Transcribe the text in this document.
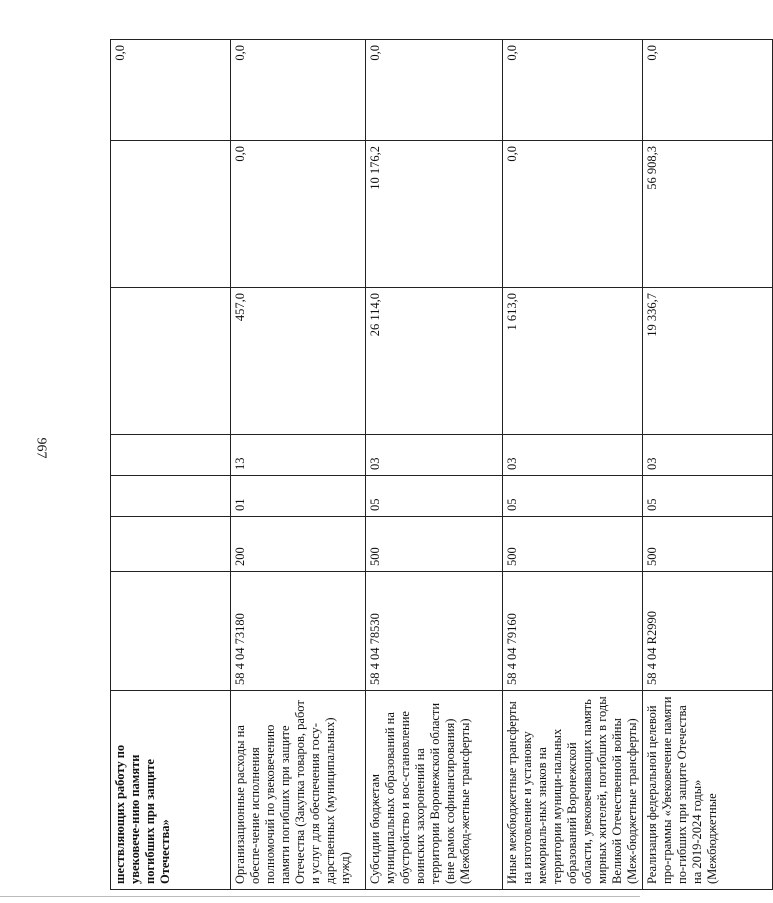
967
шествляющих работу по увековече-нию памяти погибших при защите Отечества»							0,0
Организационные расходы на обеспе-чение исполнения полномочий по увековечению памяти погибших при защите Отечества (Закупка товаров, работ и услуг для обеспечения госу-дарственных (муниципальных) нужд)	58 4 04 73180	200	01	13	457,0	0,0	0,0
Субсидии бюджетам муниципальных образований на обустройство и вос-становление воинских захоронений на территории Воронежской области (вне рамок софинансирования) (Межбюд-жетные трансферты)	58 4 04 78530	500	05	03	26 114,0	10 176,2	0,0
Иные межбюджетные трансферты на изготовление и установку мемориаль-ных знаков на территории муници-пальных образований Воронежской области, увековечивающих память мирных жителей, погибших в годы Великой Отечественной войны (Меж-бюджетные трансферты)	58 4 04 79160	500	05	03	1 613,0	0,0	0,0
Реализация федеральной целевой про-граммы «Увековечение памяти по-гибших при защите Отечества на 2019-2024 годы» (Межбюджетные	58 4 04 R2990	500	05	03	19 336,7	56 908,3	0,0
